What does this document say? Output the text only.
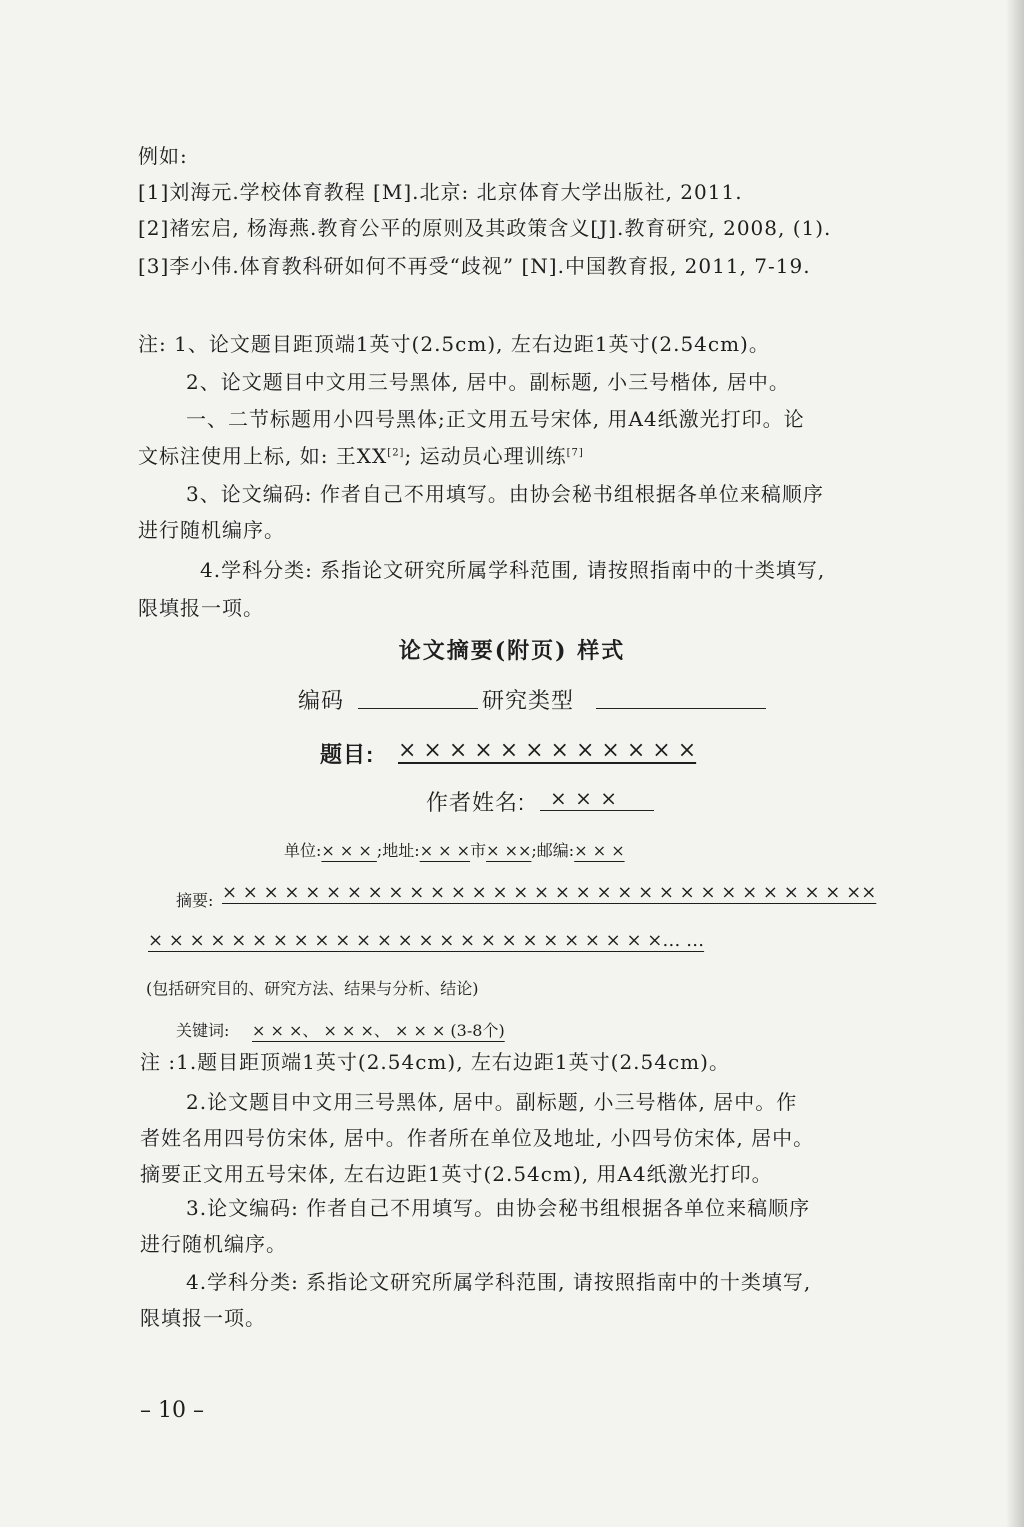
例如:
[1]刘海元.学校体育教程 [M].北京: 北京体育大学出版社, 2011.
[2]褚宏启, 杨海燕.教育公平的原则及其政策含义[J].教育研究, 2008, (1).
[3]李小伟.体育教科研如何不再受“歧视” [N].中国教育报, 2011, 7-19.
注: 1、论文题目距顶端1英寸(2.5cm), 左右边距1英寸(2.54cm)。
2、论文题目中文用三号黑体, 居中。副标题, 小三号楷体, 居中。
一、二节标题用小四号黑体;正文用五号宋体, 用A4纸激光打印。论
文标注使用上标, 如: 王XX[2]; 运动员心理训练[7]
3、论文编码: 作者自己不用填写。由协会秘书组根据各单位来稿顺序
进行随机编序。
4.学科分类: 系指论文研究所属学科范围, 请按照指南中的十类填写,
限填报一项。
论文摘要(附页) 样式
编码	研究类型
题目: × × × × × × × × × × × ×
作者姓名: × × ×
单位:× × × ;地址:× × ×市× ××;邮编:× × ×
摘要: × × × × × × × × × × × × × × × × × × × × × × × × × × × × × × ××
× × × × × × × × × × × × × × × × × × × × × × × × ×… …
(包括研究目的、研究方法、结果与分析、结论)
关键词: × × ×、 × × ×、 × × × (3-8个)
注 :1.题目距顶端1英寸(2.54cm), 左右边距1英寸(2.54cm)。
2.论文题目中文用三号黑体, 居中。副标题, 小三号楷体, 居中。作
者姓名用四号仿宋体, 居中。作者所在单位及地址, 小四号仿宋体, 居中。
摘要正文用五号宋体, 左右边距1英寸(2.54cm), 用A4纸激光打印。
3.论文编码: 作者自己不用填写。由协会秘书组根据各单位来稿顺序
进行随机编序。
4.学科分类: 系指论文研究所属学科范围, 请按照指南中的十类填写,
限填报一项。
– 10 –
